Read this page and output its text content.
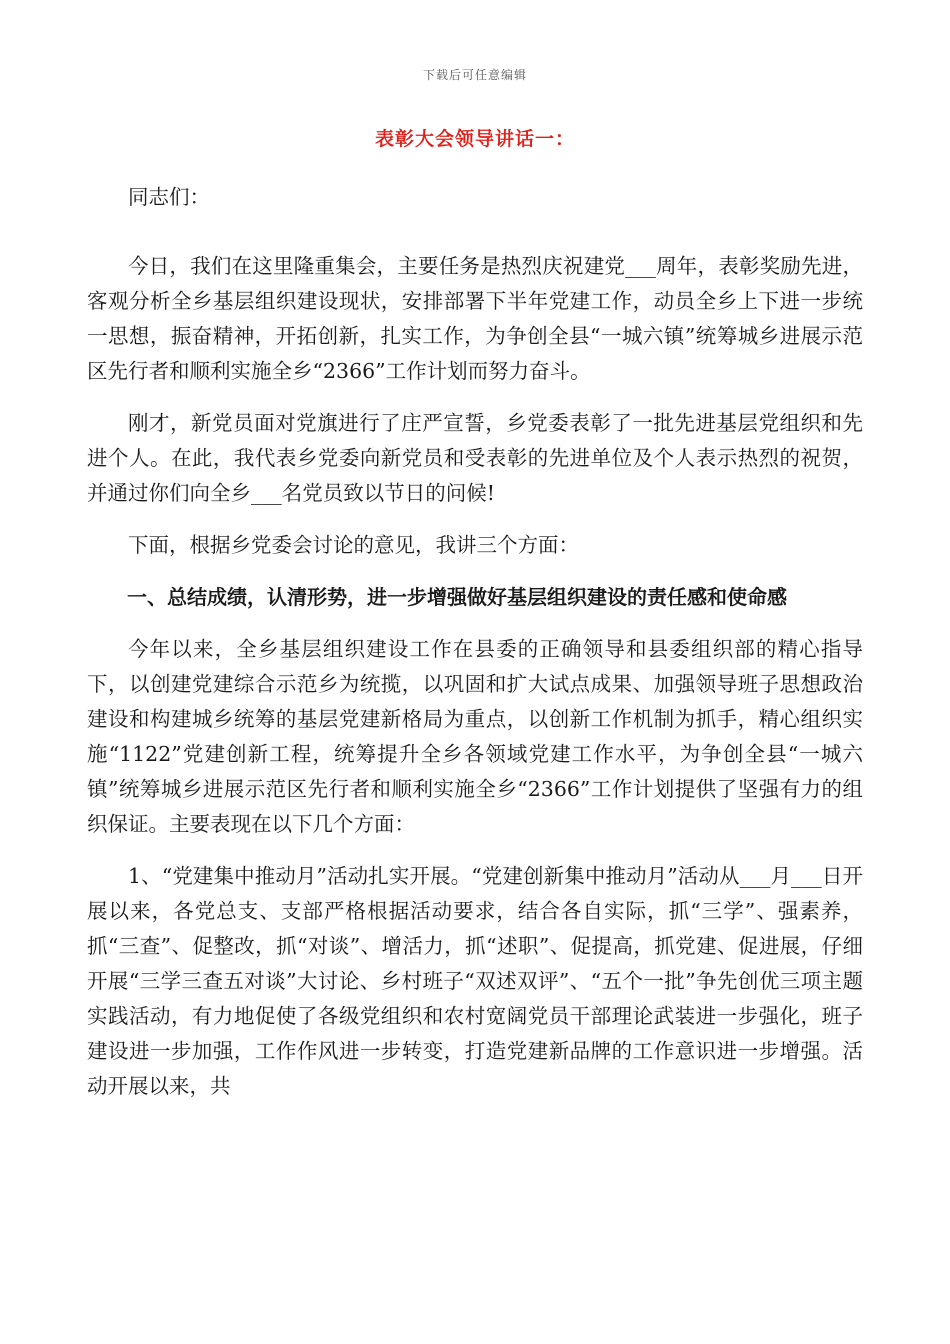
下载后可任意编辑
表彰大会领导讲话一：

同志们：

今日，我们在这里隆重集会，主要任务是热烈庆祝建党___周年，表彰奖励先进，客观分析全乡基层组织建设现状，安排部署下半年党建工作，动员全乡上下进一步统一思想，振奋精神，开拓创新，扎实工作，为争创全县“一城六镇”统筹城乡进展示范区先行者和顺利实施全乡“2366”工作计划而努力奋斗。

刚才，新党员面对党旗进行了庄严宣誓，乡党委表彰了一批先进基层党组织和先进个人。在此，我代表乡党委向新党员和受表彰的先进单位及个人表示热烈的祝贺，并通过你们向全乡___名党员致以节日的问候!

下面，根据乡党委会讨论的意见，我讲三个方面：

一、总结成绩，认清形势，进一步增强做好基层组织建设的责任感和使命感

今年以来，全乡基层组织建设工作在县委的正确领导和县委组织部的精心指导下，以创建党建综合示范乡为统揽，以巩固和扩大试点成果、加强领导班子思想政治建设和构建城乡统筹的基层党建新格局为重点，以创新工作机制为抓手，精心组织实施“1122”党建创新工程，统筹提升全乡各领域党建工作水平，为争创全县“一城六镇”统筹城乡进展示范区先行者和顺利实施全乡“2366”工作计划提供了坚强有力的组织保证。主要表现在以下几个方面：

1、“党建集中推动月”活动扎实开展。“党建创新集中推动月”活动从___月___日开展以来，各党总支、支部严格根据活动要求，结合各自实际，抓“三学”、强素养，抓“三查”、促整改，抓“对谈”、增活力，抓“述职”、促提高，抓党建、促进展，仔细开展“三学三查五对谈”大讨论、乡村班子“双述双评”、“五个一批”争先创优三项主题实践活动，有力地促使了各级党组织和农村宽阔党员干部理论武装进一步强化，班子建设进一步加强，工作作风进一步转变，打造党建新品牌的工作意识进一步增强。活动开展以来，共
